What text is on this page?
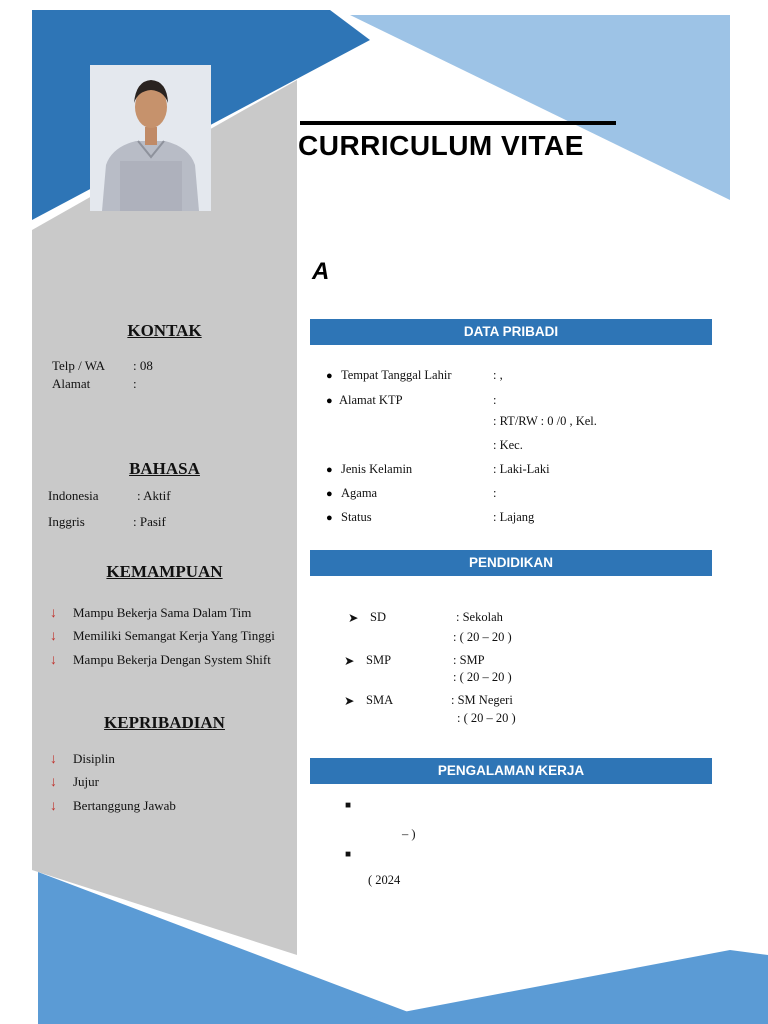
CURRICULUM VITAE
A
KONTAK
Telp / WA : 08
Alamat	:
BAHASA
Indonesia	: Aktif
Inggris	: Pasif
KEMAMPUAN
↓ Mampu Bekerja Sama Dalam Tim
↓ Memiliki Semangat Kerja Yang Tinggi
↓ Mampu Bekerja Dengan System Shift
KEPRIBADIAN
↓ Disiplin
↓ Jujur
↓ Bertanggung Jawab
DATA PRIBADI
● Tempat Tanggal Lahir	: ,
● Alamat KTP	:
: RT/RW : 0 /0 , Kel.
: Kec.
● Jenis Kelamin	: Laki-Laki
● Agama	:
● Status	: Lajang
PENDIDIKAN
➤ SD	: Sekolah
: ( 20 – 20 )
➤ SMP	: SMP
: ( 20 – 20 )
➤ SMA	: SM Negeri
: ( 20 – 20 )
PENGALAMAN KERJA
■
– )
■
( 2024
